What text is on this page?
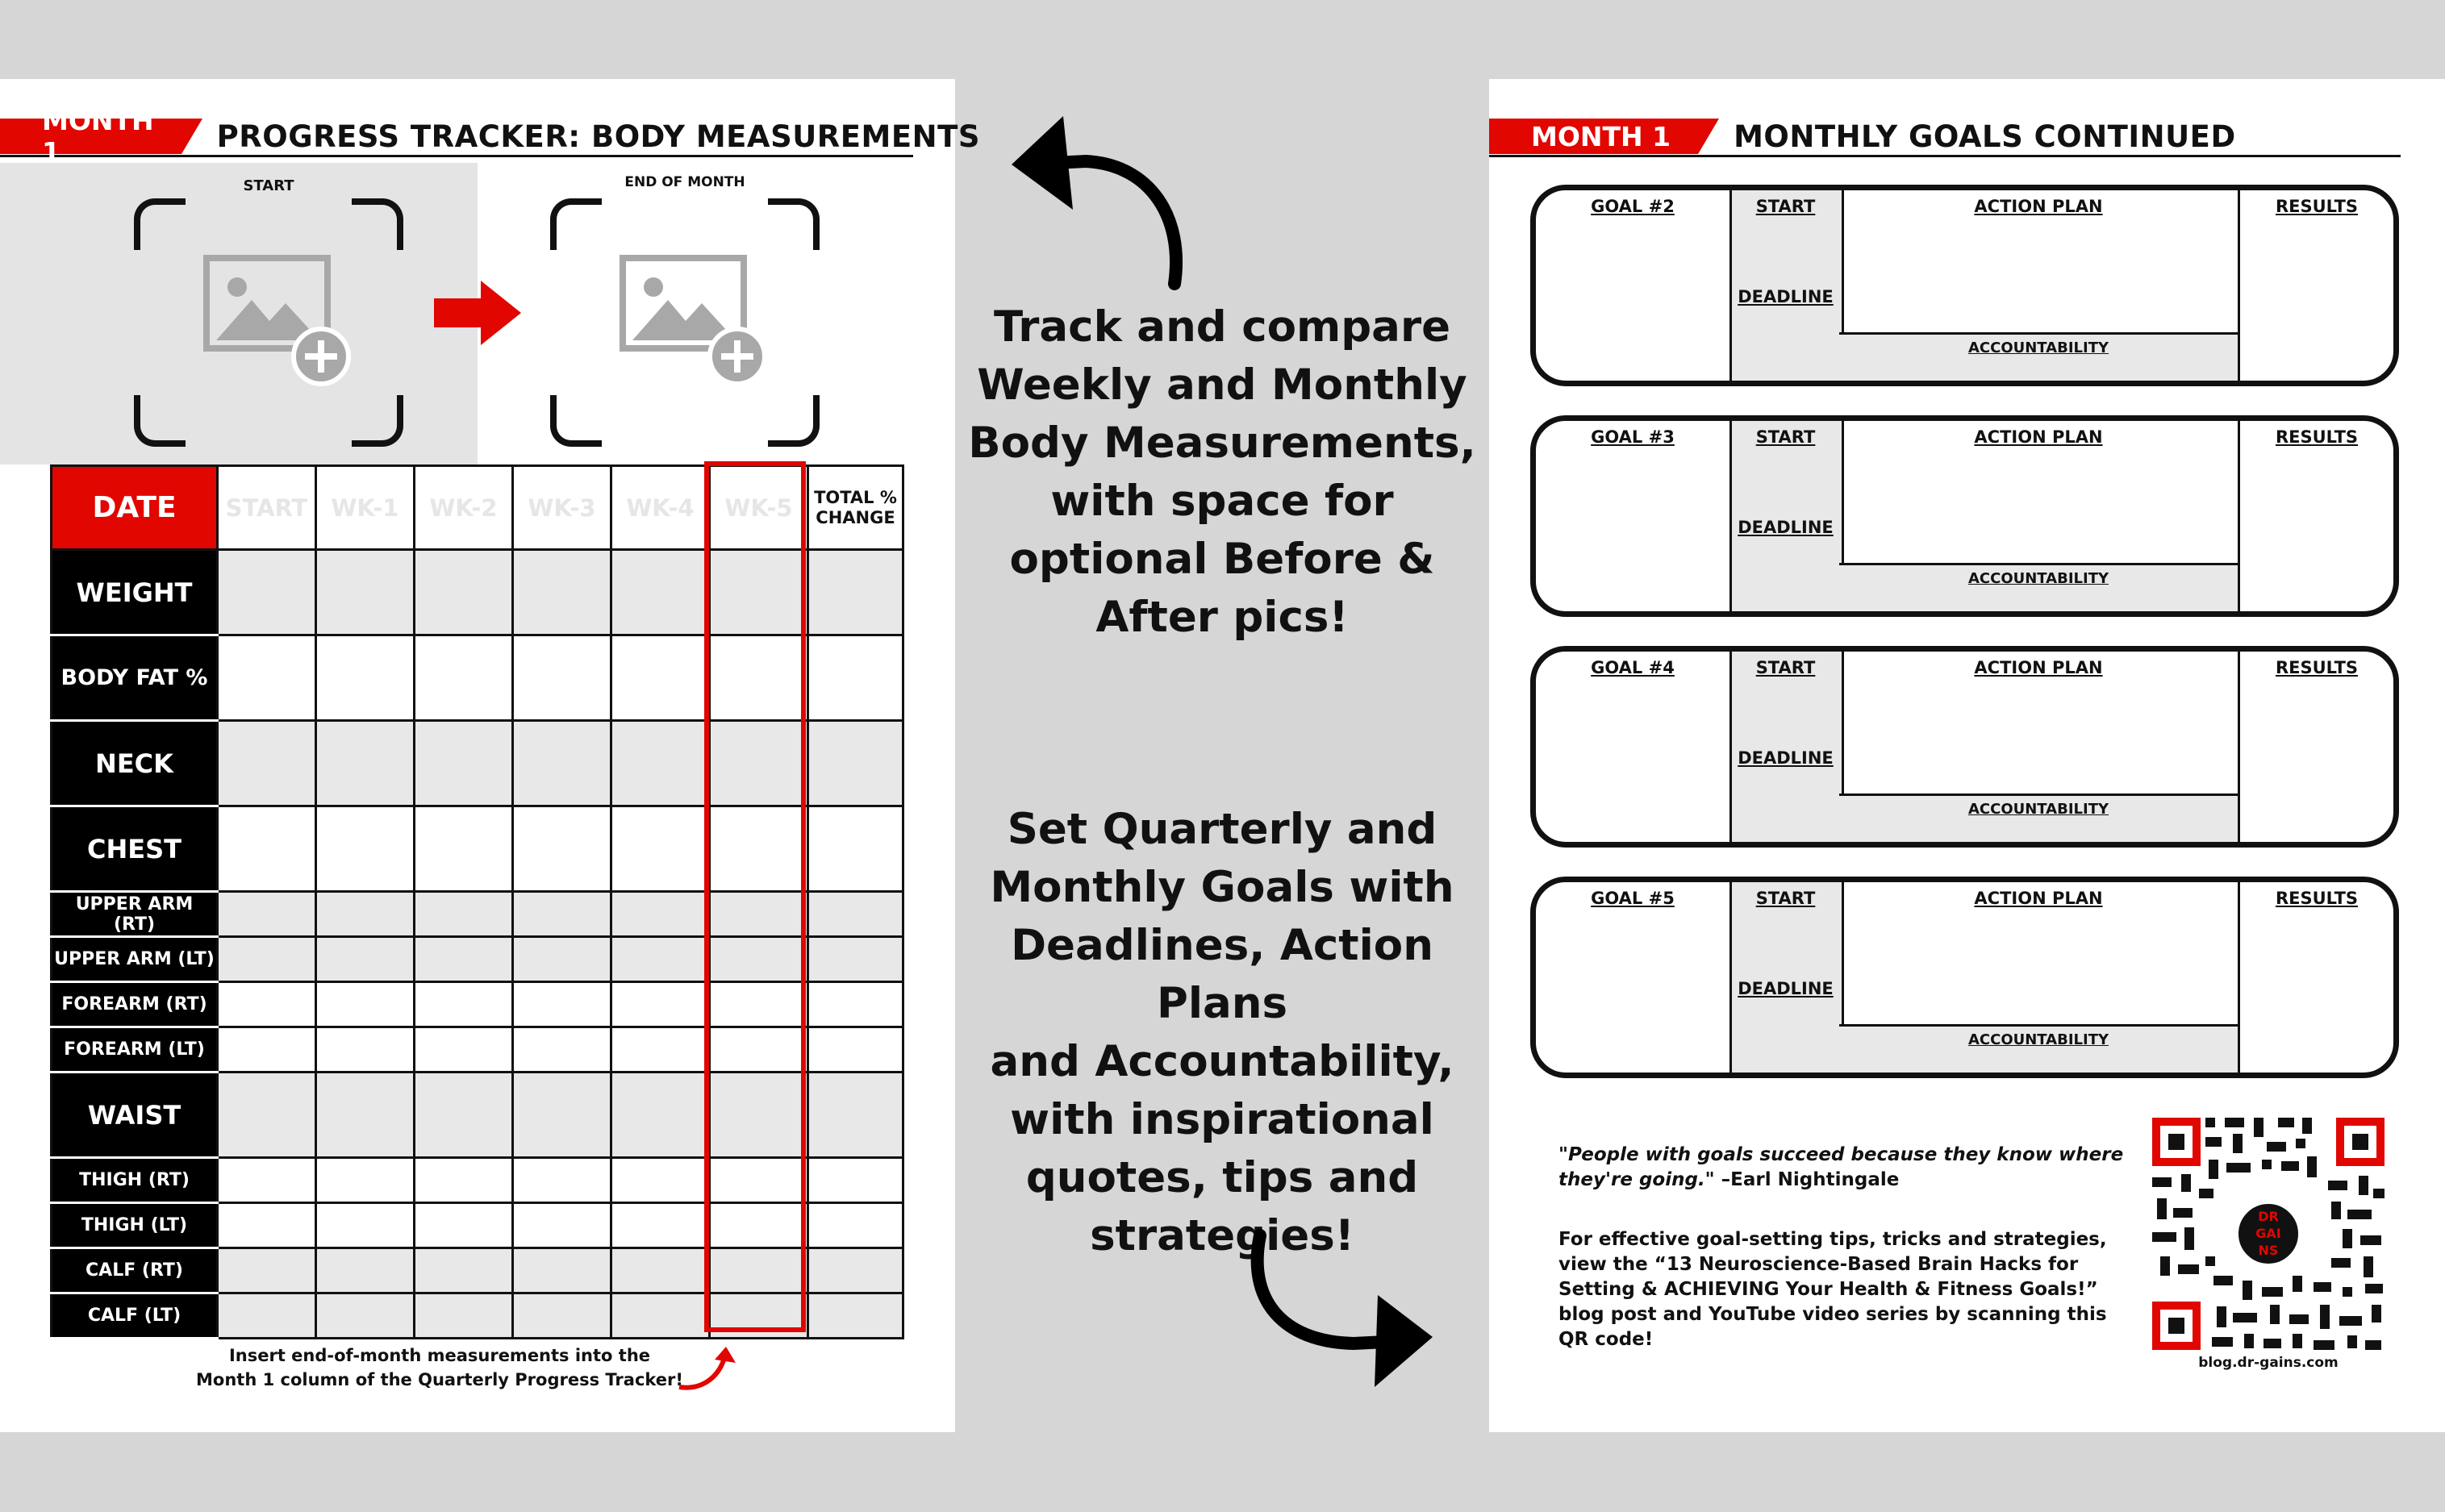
MONTH 1	PROGRESS TRACKER: BODY MEASUREMENTS
START	END OF MONTH
DATE	START	WK-1	WK-2	WK-3	WK-4	WK-5	TOTAL %
CHANGE
WEIGHT							
BODY FAT %							
NECK							
CHEST							
UPPER ARM (RT)							
UPPER ARM (LT)							
FOREARM (RT)							
FOREARM (LT)							
WAIST							
THIGH (RT)							
THIGH (LT)							
CALF (RT)							
CALF (LT)							
Insert end-of-month measurements into the
Month 1 column of the Quarterly Progress Tracker!
Track and compare
Weekly and Monthly
Body Measurements,
with space for
optional Before &
After pics!
Set Quarterly and
Monthly Goals with
Deadlines, Action Plans
and Accountability,
with inspirational
quotes, tips and
strategies!
MONTH 1 MONTHLY GOALS CONTINUED
GOAL #2	START
DEADLINE
ACTION PLAN
ACCOUNTABILITY
RESULTS
GOAL #3	START
DEADLINE
ACTION PLAN
ACCOUNTABILITY
RESULTS
GOAL #4	START
DEADLINE
ACTION PLAN
ACCOUNTABILITY
RESULTS
GOAL #5	START
DEADLINE
ACTION PLAN
ACCOUNTABILITY
RESULTS
"People with goals succeed because they know where they're going." –Earl Nightingale
For effective goal-setting tips, tricks and strategies, view the “13 Neuroscience-Based Brain Hacks for Setting & ACHIEVING Your Health & Fitness Goals!” blog post and YouTube video series by scanning this QR code!
DR
GAI
NS
blog.dr-gains.com
